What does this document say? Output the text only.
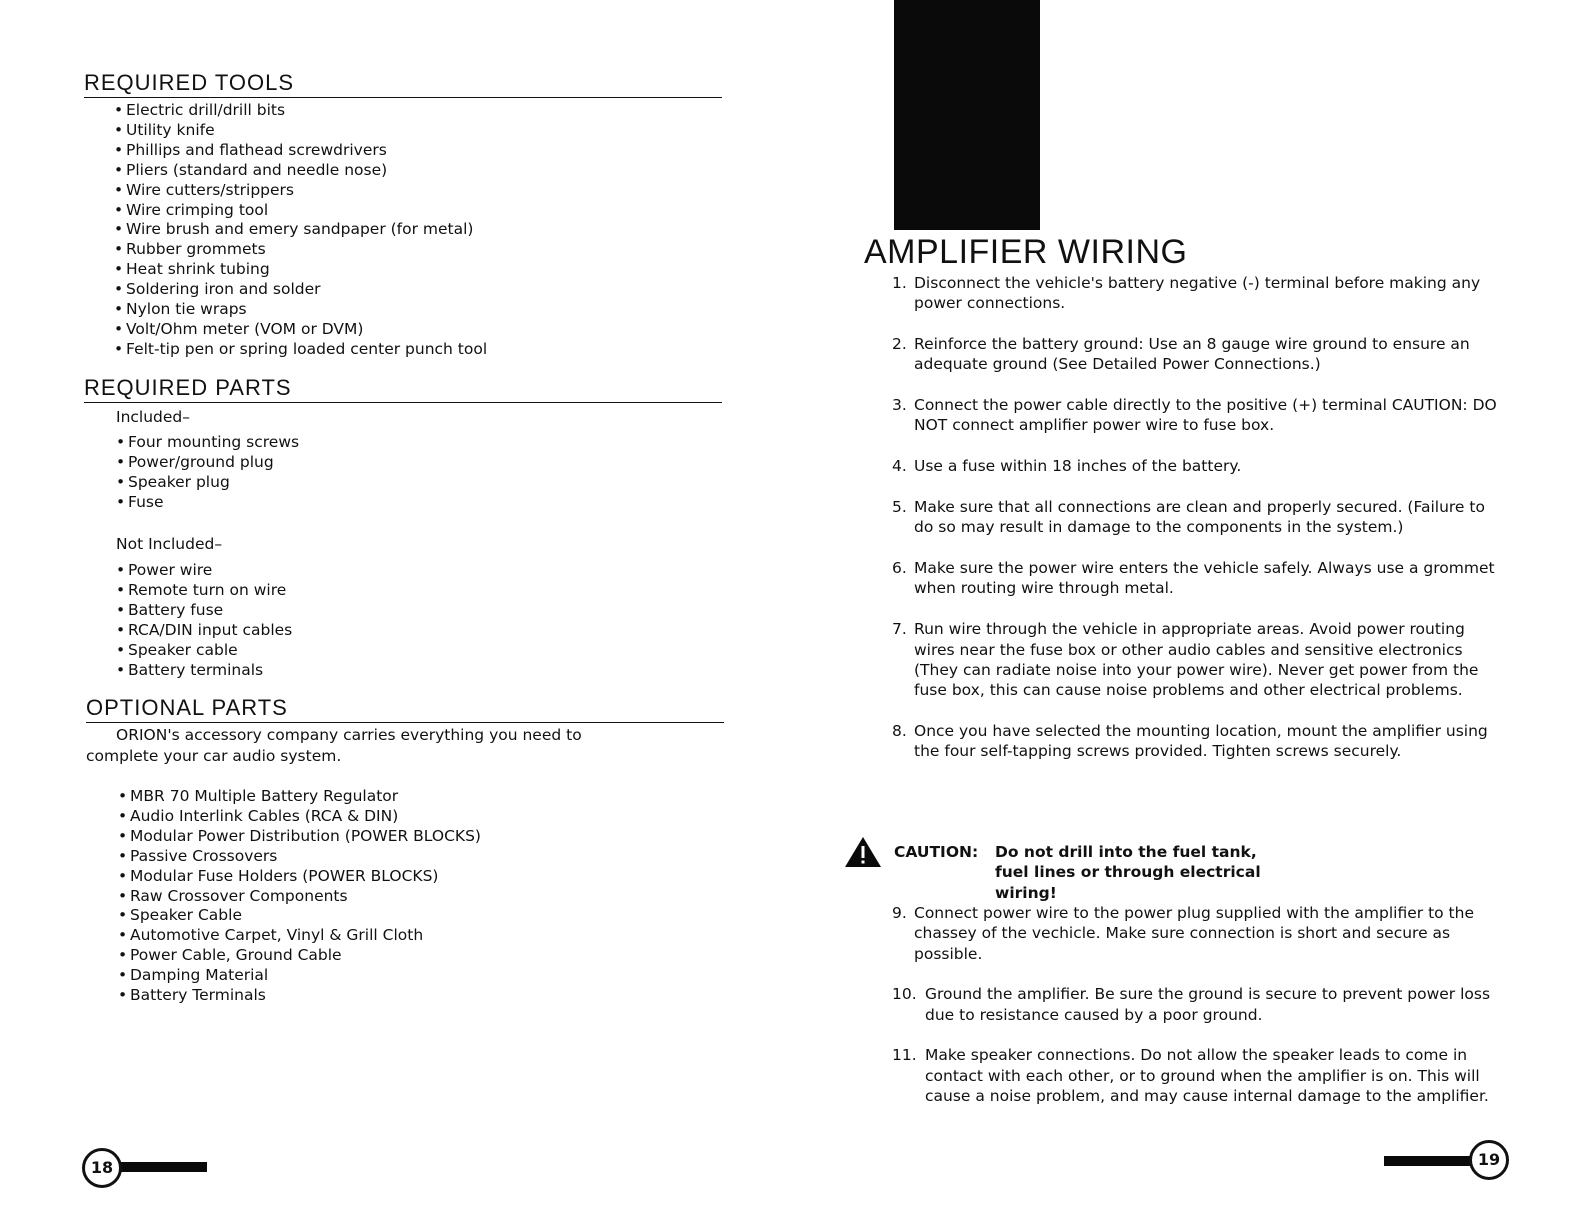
REQUIRED TOOLS
• Electric drill/drill bits
• Utility knife
• Phillips and flathead screwdrivers
• Pliers (standard and needle nose)
• Wire cutters/strippers
• Wire crimping tool
• Wire brush and emery sandpaper (for metal)
• Rubber grommets
• Heat shrink tubing
• Soldering iron and solder
• Nylon tie wraps
• Volt/Ohm meter (VOM or DVM)
• Felt-tip pen or spring loaded center punch tool
REQUIRED PARTS
Included–
• Four mounting screws
• Power/ground plug
• Speaker plug
• Fuse
Not Included–
• Power wire
• Remote turn on wire
• Battery fuse
• RCA/DIN input cables
• Speaker cable
• Battery terminals
OPTIONAL PARTS
ORION's accessory company carries everything you need to
complete your car audio system.
• MBR 70 Multiple Battery Regulator
• Audio Interlink Cables (RCA & DIN)
• Modular Power Distribution (POWER BLOCKS)
• Passive Crossovers
• Modular Fuse Holders (POWER BLOCKS)
• Raw Crossover Components
• Speaker Cable
• Automotive Carpet, Vinyl & Grill Cloth
• Power Cable, Ground Cable
• Damping Material
• Battery Terminals
18
AMPLIFIER WIRING
1. Disconnect the vehicle's battery negative (-) terminal before making any power connections.
2. Reinforce the battery ground: Use an 8 gauge wire ground to ensure an adequate ground (See Detailed Power Connections.)
3. Connect the power cable directly to the positive (+) terminal CAUTION: DO NOT connect amplifier power wire to fuse box.
4. Use a fuse within 18 inches of the battery.
5. Make sure that all connections are clean and properly secured. (Failure to do so may result in damage to the components in the system.)
6. Make sure the power wire enters the vehicle safely. Always use a grommet when routing wire through metal.
7. Run wire through the vehicle in appropriate areas. Avoid power routing wires near the fuse box or other audio cables and sensitive electronics (They can radiate noise into your power wire). Never get power from the fuse box, this can cause noise problems and other electrical problems.
8. Once you have selected the mounting location, mount the amplifier using the four self-tapping screws provided. Tighten screws securely.
CAUTION: Do not drill into the fuel tank, fuel lines or through electrical wiring!
9. Connect power wire to the power plug supplied with the amplifier to the chassey of the vechicle. Make sure connection is short and secure as possible.
10. Ground the amplifier. Be sure the ground is secure to prevent power loss due to resistance caused by a poor ground.
11. Make speaker connections. Do not allow the speaker leads to come in contact with each other, or to ground when the amplifier is on. This will cause a noise problem, and may cause internal damage to the amplifier.
19
